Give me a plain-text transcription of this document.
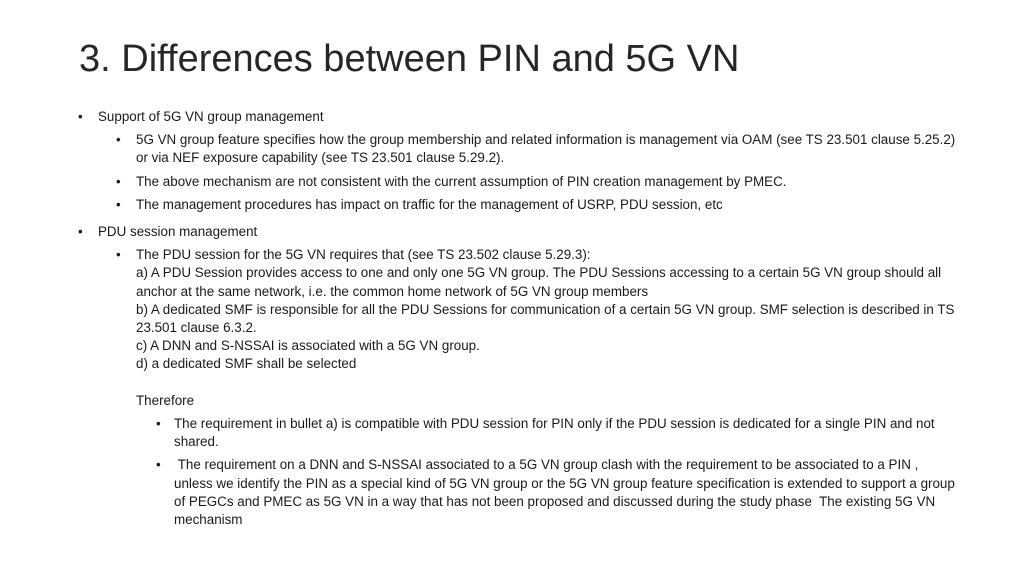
3. Differences between PIN and 5G VN
•	Support of 5G VN group management
•	5G VN group feature specifies how the group membership and related information is management via OAM (see TS 23.501 clause 5.25.2) or via NEF exposure capability (see TS 23.501 clause 5.29.2).
•	The above mechanism are not consistent with the current assumption of PIN creation management by PMEC.
•	The management procedures has impact on traffic for the management of USRP, PDU session, etc
•	PDU session management
•	The PDU session for the 5G VN requires that (see TS 23.502 clause 5.29.3):
a) A PDU Session provides access to one and only one 5G VN group. The PDU Sessions accessing to a certain 5G VN group should all anchor at the same network, i.e. the common home network of 5G VN group members
b) A dedicated SMF is responsible for all the PDU Sessions for communication of a certain 5G VN group. SMF selection is described in TS 23.501 clause 6.3.2.
c) A DNN and S-NSSAI is associated with a 5G VN group.
d) a dedicated SMF shall be selected
Therefore
• The requirement in bullet a) is compatible with PDU session for PIN only if the PDU session is dedicated for a single PIN and not shared.
• The requirement on a DNN and S-NSSAI associated to a 5G VN group clash with the requirement to be associated to a PIN , unless we identify the PIN as a special kind of 5G VN group or the 5G VN group feature specification is extended to support a group of PEGCs and PMEC as 5G VN in a way that has not been proposed and discussed during the study phase  The existing 5G VN mechanism
